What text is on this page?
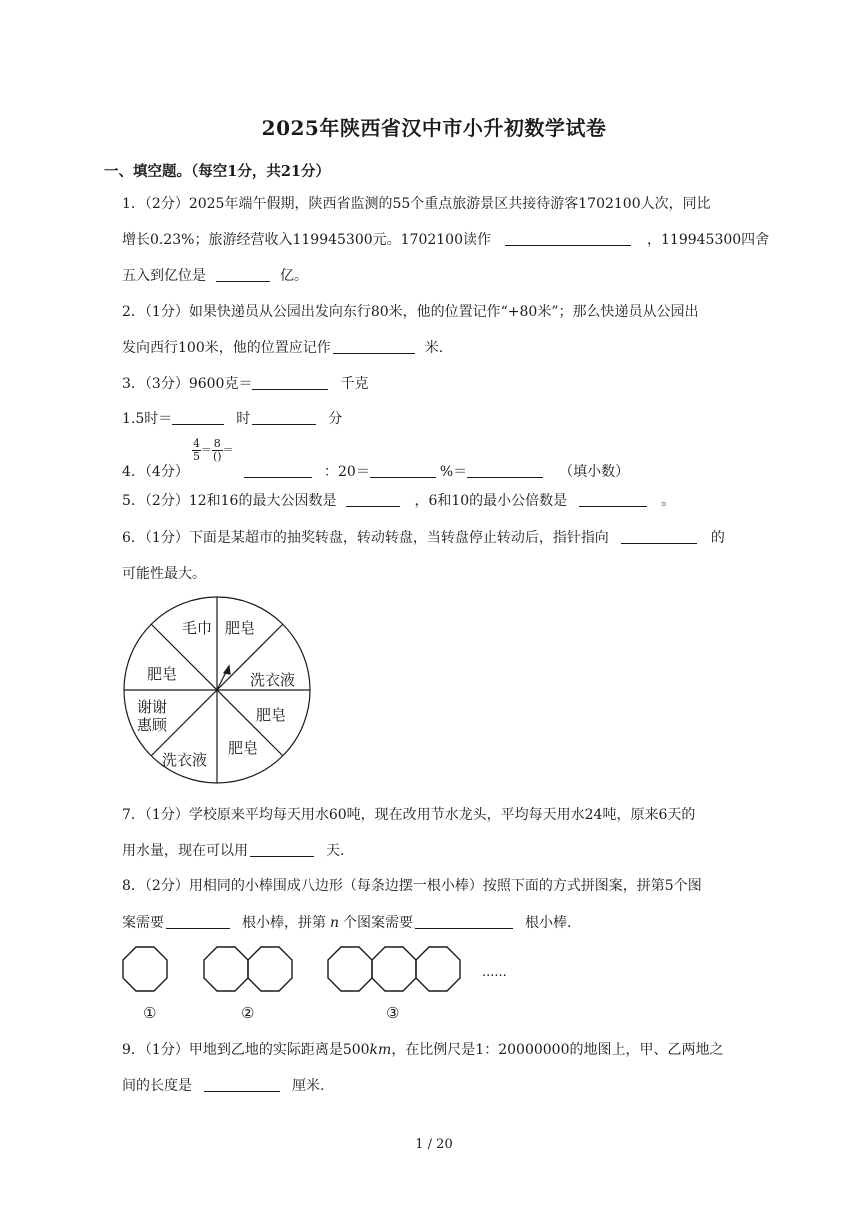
2025年陕西省汉中市小升初数学试卷
一、填空题。（每空1分，共21分）
1．（2分）2025年端午假期，陕西省监测的55个重点旅游景区共接待游客1702100人次，同比
增长0.23%；旅游经营收入119945300元。1702100读作	，119945300四舍
五入到亿位是	亿。
2．（1分）如果快递员从公园出发向东行80米，他的位置记作“+80米”；那么快递员从公园出
发向西行100米，他的位置应记作	米.
3．（3分）9600克＝	千克
1.5时＝	时	分
4．（4分）
$\frac{4}{5} = \frac{8}{()}$ ＝
：20＝	%＝	（填小数）
5．（2分）12和16的最大公因数是	，6和10的最小公倍数是	。
6．（1分）下面是某超市的抽奖转盘，转动转盘，当转盘停止转动后，指针指向	的
可能性最大。
毛巾 肥皂
洗衣液
肥皂
肥皂
洗衣液
谢谢
惠顾
肥皂
7．（1分）学校原来平均每天用水60吨，现在改用节水龙头，平均每天用水24吨，原来6天的
用水量，现在可以用	天.
8．（2分）用相同的小棒围成八边形（每条边摆一根小棒）按照下面的方式拼图案，拼第5个图
案需要	根小棒，拼第 n 个图案需要	根小棒.
......
①	②	③
9．（1分）甲地到乙地的实际距离是500km，在比例尺是1：20000000的地图上，甲、乙两地之
间的长度是	厘米.
1 / 20
